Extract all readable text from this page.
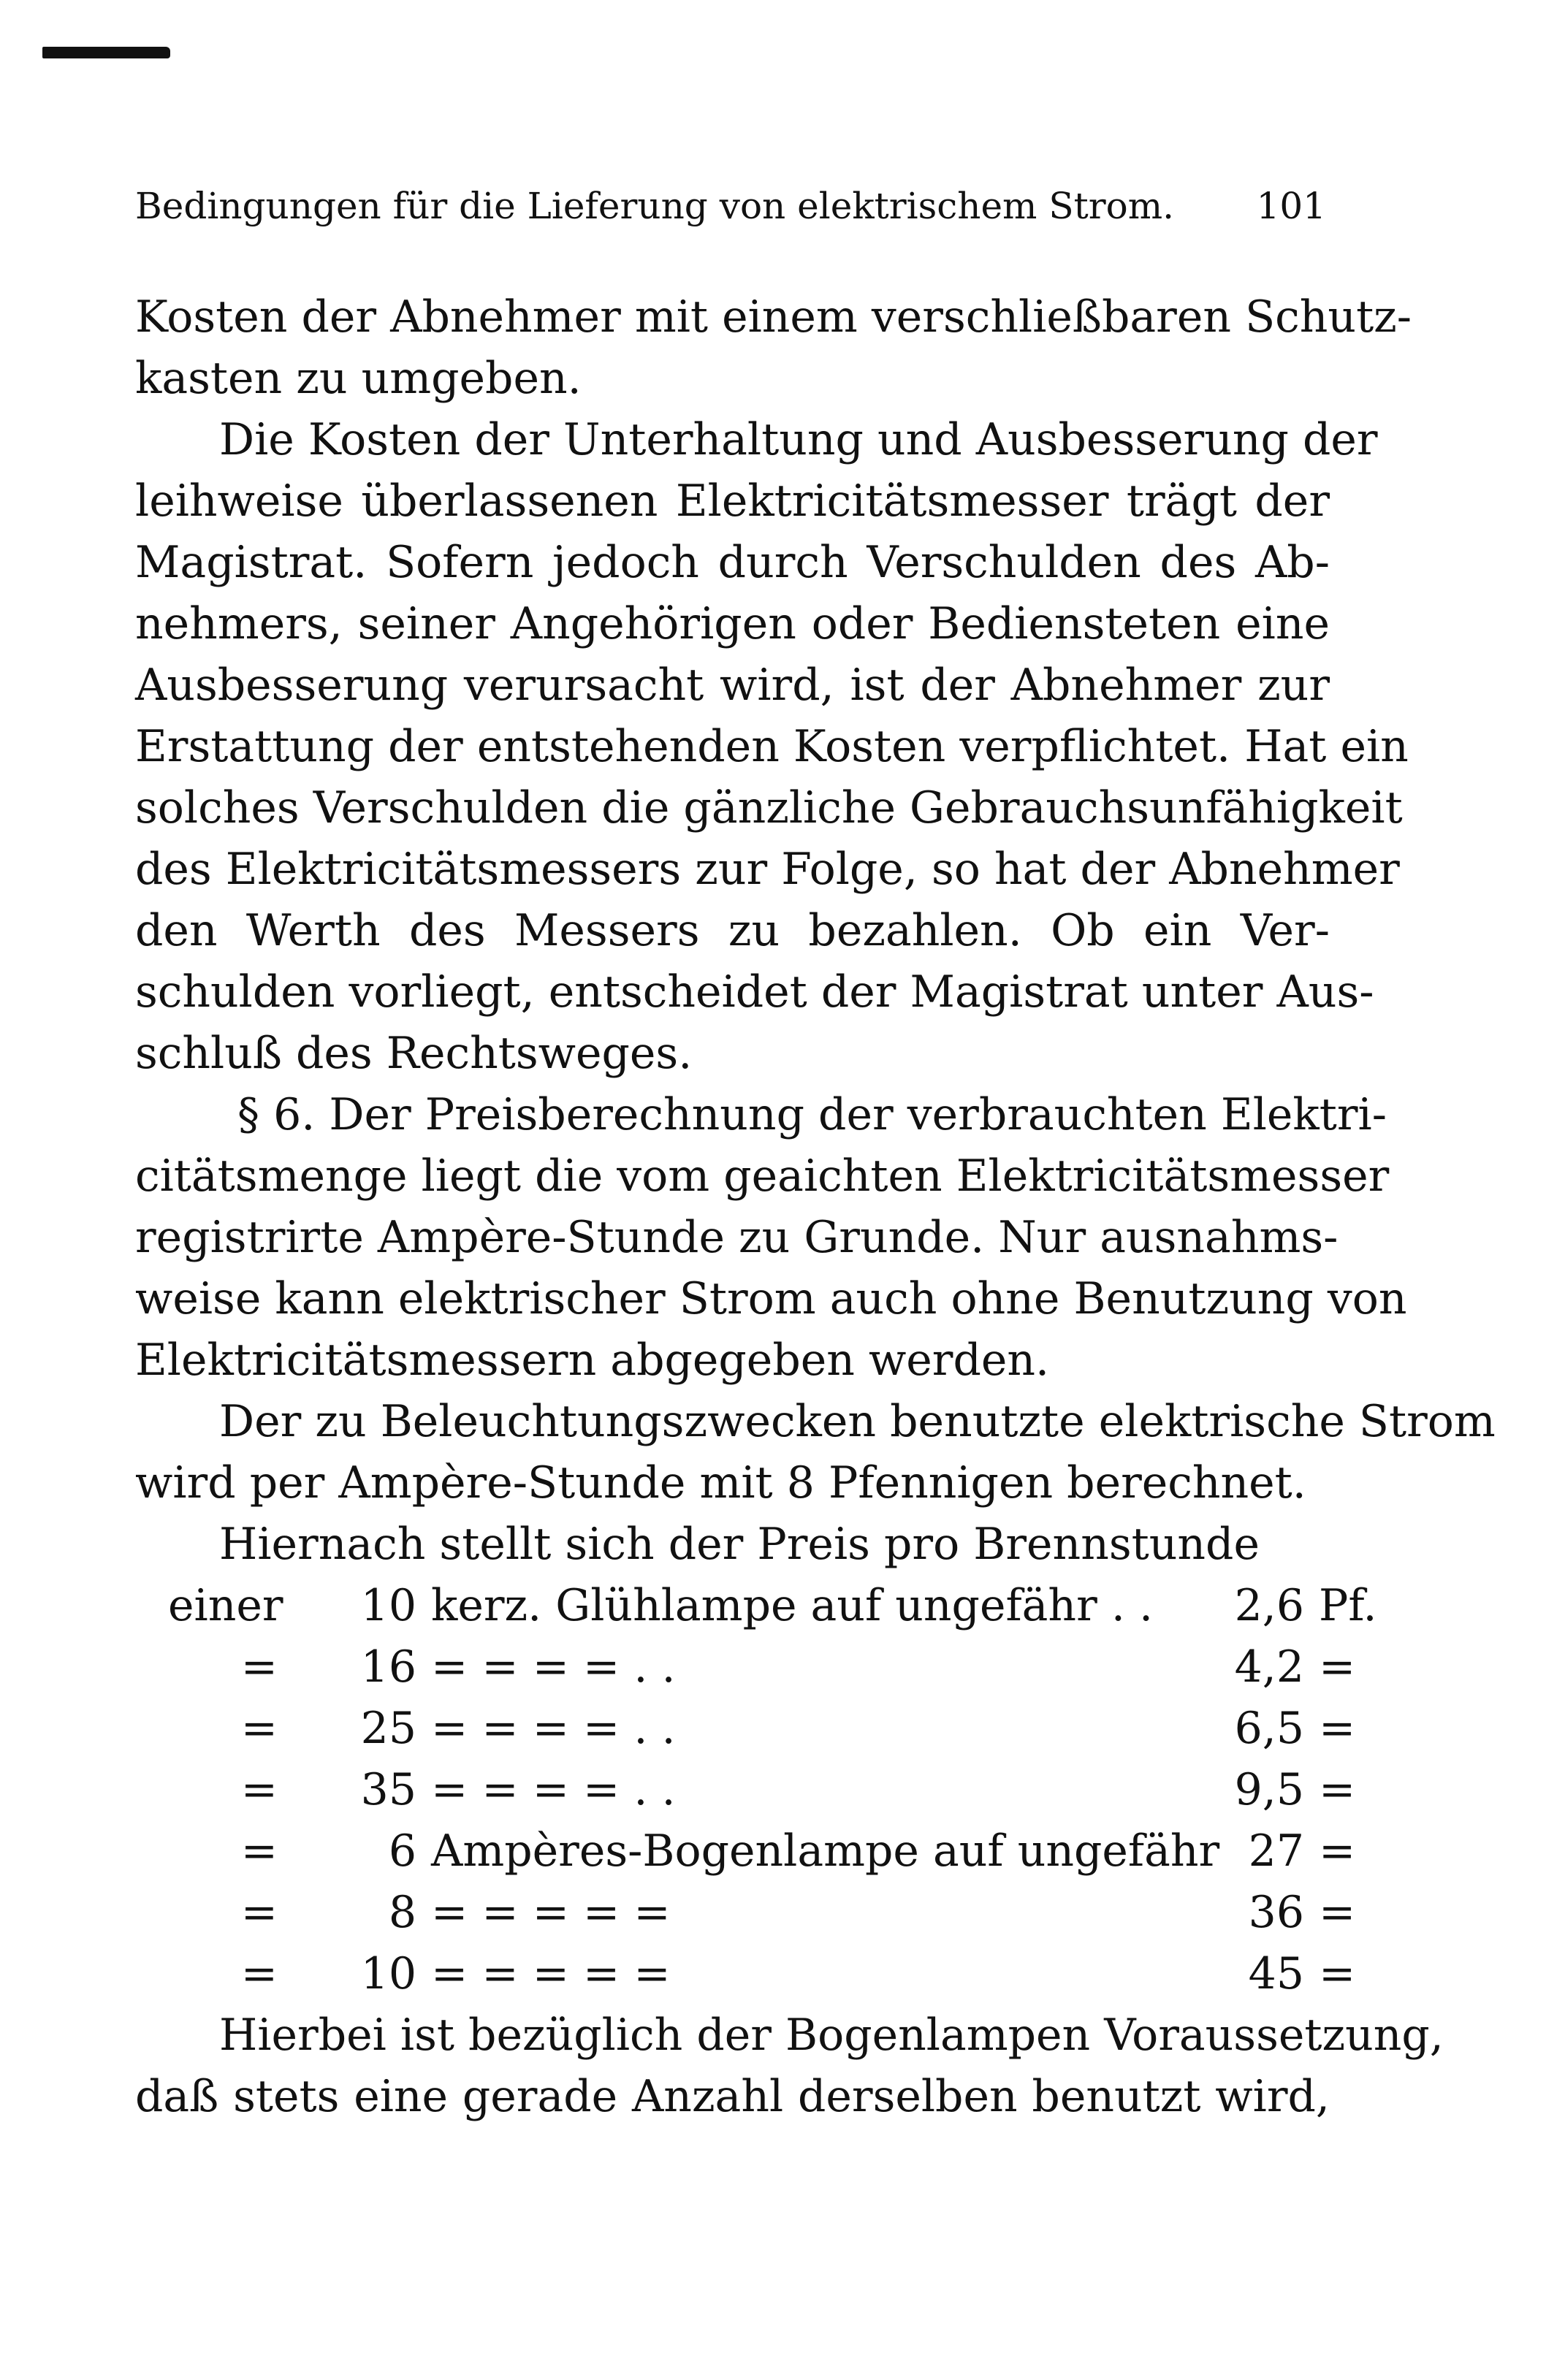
Bedingungen für die Lieferung von elektrischem Strom. 101
Kosten der Abnehmer mit einem verschließbaren Schutz-
kasten zu umgeben.
Die Kosten der Unterhaltung und Ausbesserung der
leihweise überlassenen Elektricitätsmesser trägt der
Magistrat. Sofern jedoch durch Verschulden des Ab-
nehmers, seiner Angehörigen oder Bediensteten eine
Ausbesserung verursacht wird, ist der Abnehmer zur
Erstattung der entstehenden Kosten verpflichtet. Hat ein
solches Verschulden die gänzliche Gebrauchsunfähigkeit
des Elektricitätsmessers zur Folge, so hat der Abnehmer
den Werth des Messers zu bezahlen. Ob ein Ver-
schulden vorliegt, entscheidet der Magistrat unter Aus-
schluß des Rechtsweges.
§ 6. Der Preisberechnung der verbrauchten Elektri-
citätsmenge liegt die vom geaichten Elektricitätsmesser
registrirte Ampère-Stunde zu Grunde. Nur ausnahms-
weise kann elektrischer Strom auch ohne Benutzung von
Elektricitätsmessern abgegeben werden.
Der zu Beleuchtungszwecken benutzte elektrische Strom
wird per Ampère-Stunde mit 8 Pfennigen berechnet.
Hiernach stellt sich der Preis pro Brennstunde
einer	10 kerz. Glühlampe auf ungefähr . .	2,6 Pf.
=	16 = = = = . .	4,2 =
=	25 = = = = . .	6,5 =
=	35 = = = = . .	9,5 =
=	6 Ampères-Bogenlampe auf ungefähr 27 =
=	8 = = = = =	36 =
=	10 = = = = =	45 =
Hierbei ist bezüglich der Bogenlampen Voraussetzung,
daß stets eine gerade Anzahl derselben benutzt wird,
